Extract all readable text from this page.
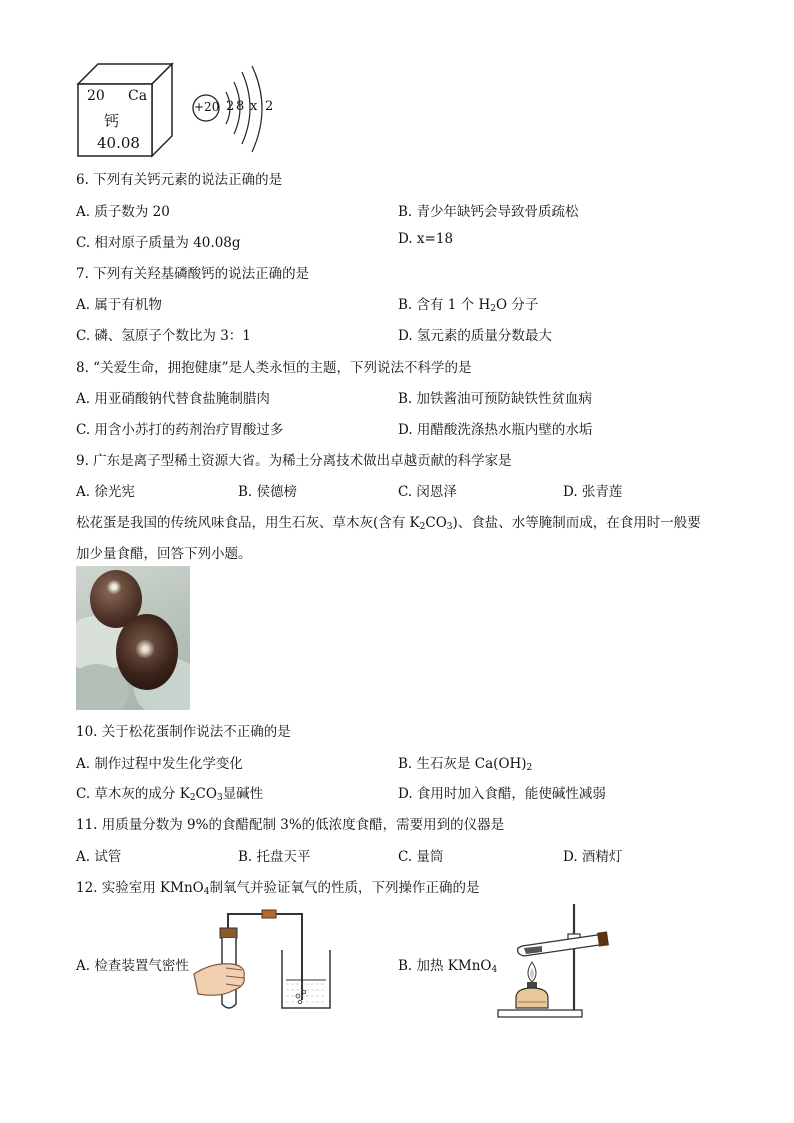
20 Ca
钙
40.08
+20 2 8 x 2
6. 下列有关钙元素的说法正确的是
A. 质子数为 20	B. 青少年缺钙会导致骨质疏松
C. 相对原子质量为 40.08g	D. x=18
7. 下列有关羟基磷酸钙的说法正确的是
A. 属于有机物	B. 含有 1 个 $H_2O$ 分子
C. 磷、氢原子个数比为 3：1	D. 氢元素的质量分数最大
8. “关爱生命，拥抱健康”是人类永恒的主题，下列说法不科学的是
A. 用亚硝酸钠代替食盐腌制腊肉	B. 加铁酱油可预防缺铁性贫血病
C. 用含小苏打的药剂治疗胃酸过多	D. 用醋酸洗涤热水瓶内壁的水垢
9. 广东是离子型稀土资源大省。为稀土分离技术做出卓越贡献的科学家是
A. 徐光宪	B. 侯德榜	C. 闵恩泽	D. 张青莲
松花蛋是我国的传统风味食品，用生石灰、草木灰(含有 $K_2CO_3$)、食盐、水等腌制而成，在食用时一般要
加少量食醋，回答下列小题。
10. 关于松花蛋制作说法不正确的是
A. 制作过程中发生化学变化	B. 生石灰是 $Ca(OH)_2$
C. 草木灰的成分 $K_2CO_3$显碱性	D. 食用时加入食醋，能使碱性减弱
11. 用质量分数为 9%的食醋配制 3%的低浓度食醋，需要用到的仪器是
A. 试管	B. 托盘天平	C. 量筒	D. 酒精灯
12. 实验室用 KMnO$_4$制氧气并验证氧气的性质，下列操作正确的是
A. 检查装置气密性	B. 加热 KMnO$_4$
